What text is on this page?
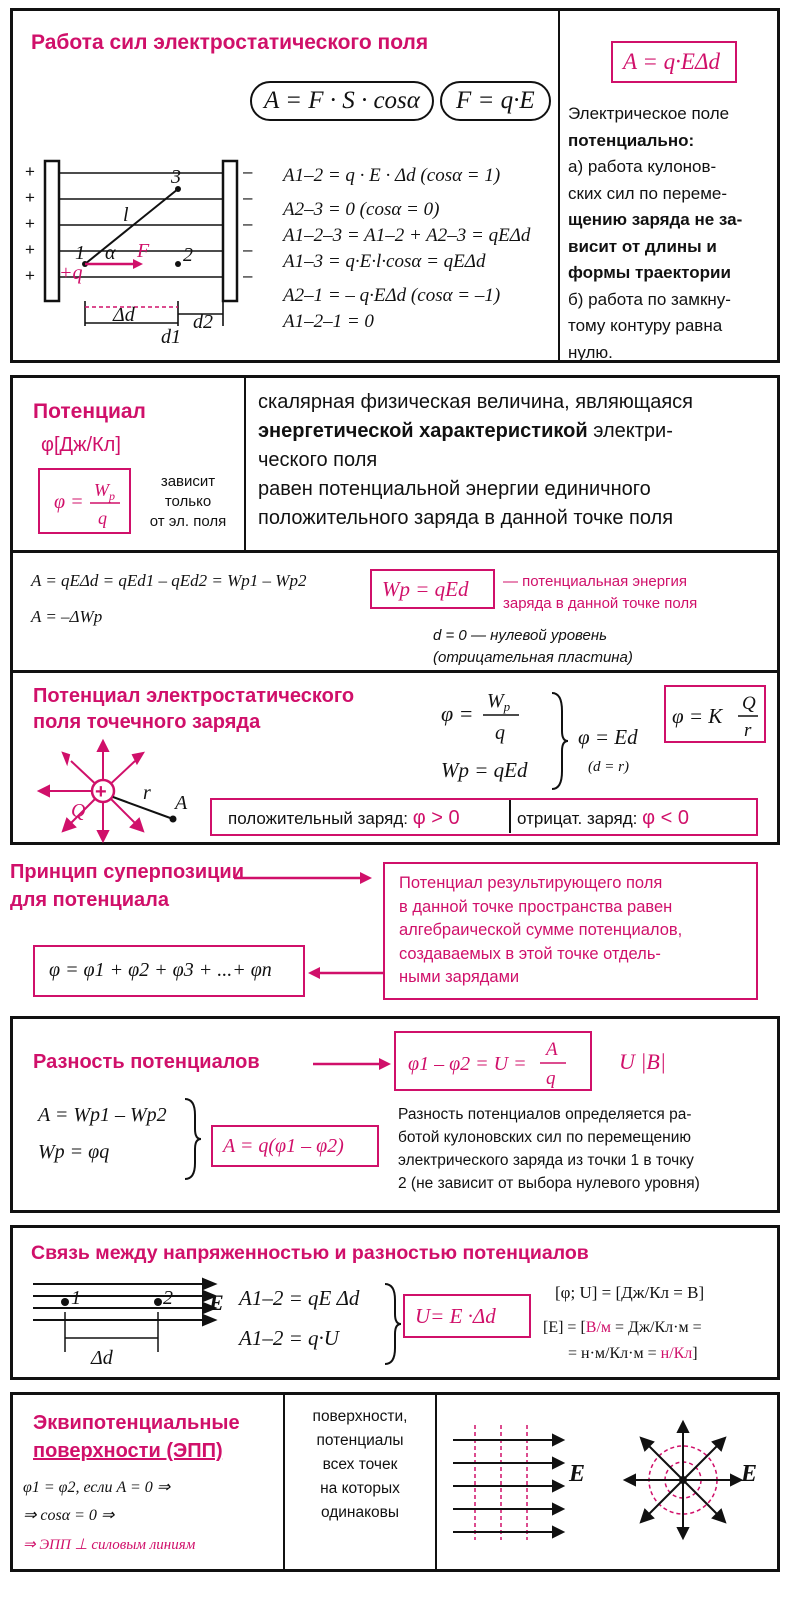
Работа сил электростатического поля
A = F · S · cosα	F = q·E
A = q·EΔd
Электрическое поле
потенциально:
а) работа кулонов-
ских сил по переме-
щению заряда не за-
висит от длины и
формы траектории
б) работа по замкну-
тому контуру равна
нулю.
A1–2 = q · E · Δd (cosα = 1)
A2–3 = 0 (cosα = 0)
A1–2–3 = A1–2 + A2–3 = qEΔd
A1–3 = q·E·l·cosα = qEΔd
A2–1 = – q·EΔd (cosα = –1)
A1–2–1 = 0
+
+
+
+
+
–
–
–
–
–
1	2
3
l
α F
+q
Δd
d1
d2
Потенциал
φ[Дж/Кл]
φ =
$W_p$
q
зависит
только
от эл. поля
скалярная физическая величина, являющаяся
энергетической характеристикой электри-
ческого поля
равен потенциальной энергии единичного
положительного заряда в данной точке поля
A = qEΔd = qEd1 – qEd2 = Wp1 – Wp2
A = –ΔWp
Wp = qEd	— потенциальная энергия
заряда в данной точке поля
d = 0 — нулевой уровень
(отрицательная пластина)
Потенциал электростатического
поля точечного заряда	$\varphi = W_p$
q
Wp = qEd
φ = Ed
(d = r)
φ = K
Q
r
положительный заряд: φ > 0	отрицат. заряд: φ < 0
+
Q
r A
Принцип суперпозиции
для потенциала
Потенциал результирующего поля
в данной точке пространства равен
алгебраической сумме потенциалов,
создаваемых в этой точке отдель-
ными зарядами
φ = φ1 + φ2 + φ3 + ...+ φn
Разность потенциалов	φ1 – φ2 = U =
A
q
U |B|
A = Wp1 – Wp2
Wp = φq	A = q(φ1 – φ2)
Разность потенциалов определяется ра-
ботой кулоновских сил по перемещению
электрического заряда из точки 1 в точку
2 (не зависит от выбора нулевого уровня)
Связь между напряженностью и разностью потенциалов
1	2
Δd
E A1–2 = qE Δd
A1–2 = q·U
U= E ·Δd
[φ; U] = [Дж/Кл = В]
[E] = [В/м = Дж/Кл·м =
= н·м/Кл·м = н/Кл]
Эквипотенциальные
поверхности (ЭПП)
φ1 = φ2, если A = 0 ⇒
⇒ cosα = 0 ⇒
⇒ ЭПП ⊥ силовым линиям
поверхности,
потенциалы
всех точек
на которых
одинаковы
E	E
